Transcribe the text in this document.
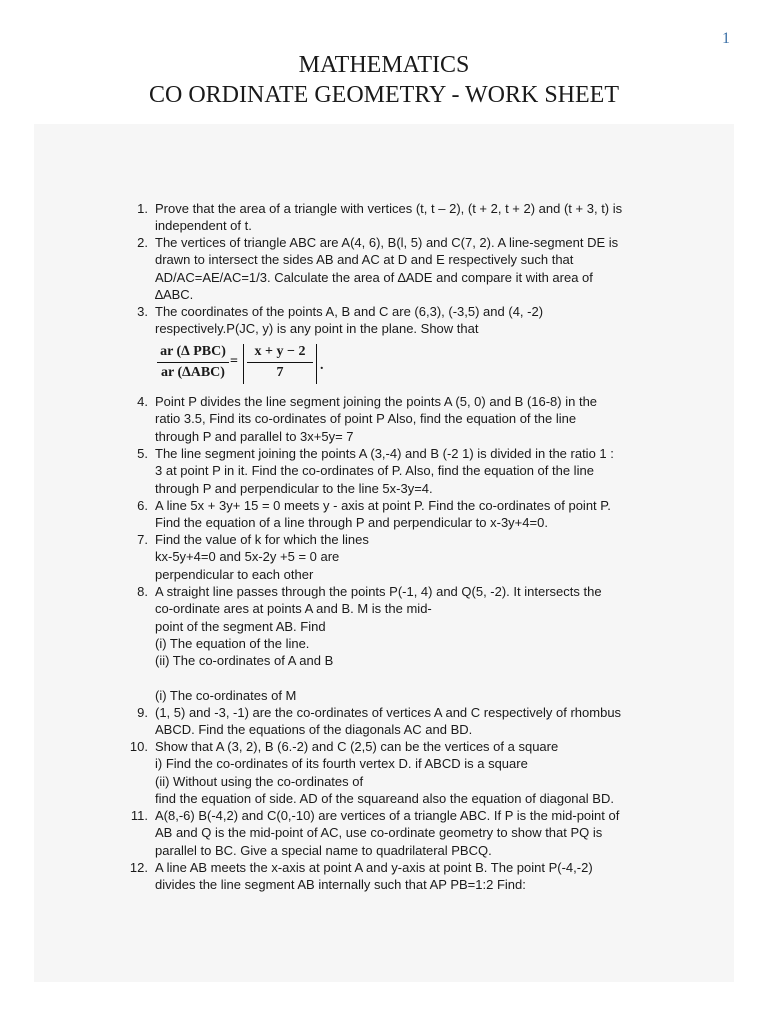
1
MATHEMATICS
CO ORDINATE GEOMETRY - WORK SHEET
1. Prove that the area of a triangle with vertices (t, t – 2), (t + 2, t + 2) and (t + 3, t) is
independent of t.
2. The vertices of triangle ABC are A(4, 6), B(l, 5) and C(7, 2). A line-segment DE is
drawn to intersect the sides AB and AC at D and E respectively such that
AD/AC=AE/AC=1/3. Calculate the area of ∆ADE and compare it with area of
∆ABC.
3. The coordinates of the points A, B and C are (6,3), (-3,5) and (4, -2)
respectively.P(JC, y) is any point in the plane. Show that
ar (∆ PBC)
ar (∆ABC)
= $\frac{x + y - 2}{7}$ .
4. Point P divides the line segment joining the points A (5, 0) and B (16-8) in the
ratio 3.5, Find its co-ordinates of point P Also, find the equation of the line
through P and parallel to 3x+5y= 7
5. The line segment joining the points A (3,-4) and B (-2 1) is divided in the ratio 1 :
3 at point P in it. Find the co-ordinates of P. Also, find the equation of the line
through P and perpendicular to the line 5x-3y=4.
6. A line 5x + 3y+ 15 = 0 meets y - axis at point P. Find the co-ordinates of point P.
Find the equation of a line through P and perpendicular to x-3y+4=0.
7. Find the value of k for which the lines
kx-5y+4=0 and 5x-2y +5 = 0 are
perpendicular to each other
8. A straight line passes through the points P(-1, 4) and Q(5, -2). It intersects the
co-ordinate ares at points A and B. M is the mid-
point of the segment AB. Find
(i) The equation of the line.
(ii) The co-ordinates of A and B
(i) The co-ordinates of M
9. (1, 5) and -3, -1) are the co-ordinates of vertices A and C respectively of rhombus
ABCD. Find the equations of the diagonals AC and BD.
10. Show that A (3, 2), B (6.-2) and C (2,5) can be the vertices of a square
i) Find the co-ordinates of its fourth vertex D. if ABCD is a square
(ii) Without using the co-ordinates of
find the equation of side. AD of the squareand also the equation of diagonal BD.
11. A(8,-6) B(-4,2) and C(0,-10) are vertices of a triangle ABC. If P is the mid-point of
AB and Q is the mid-point of AC, use co-ordinate geometry to show that PQ is
parallel to BC. Give a special name to quadrilateral PBCQ.
12. A line AB meets the x-axis at point A and y-axis at point B. The point P(-4,-2)
divides the line segment AB internally such that AP PB=1:2 Find:
